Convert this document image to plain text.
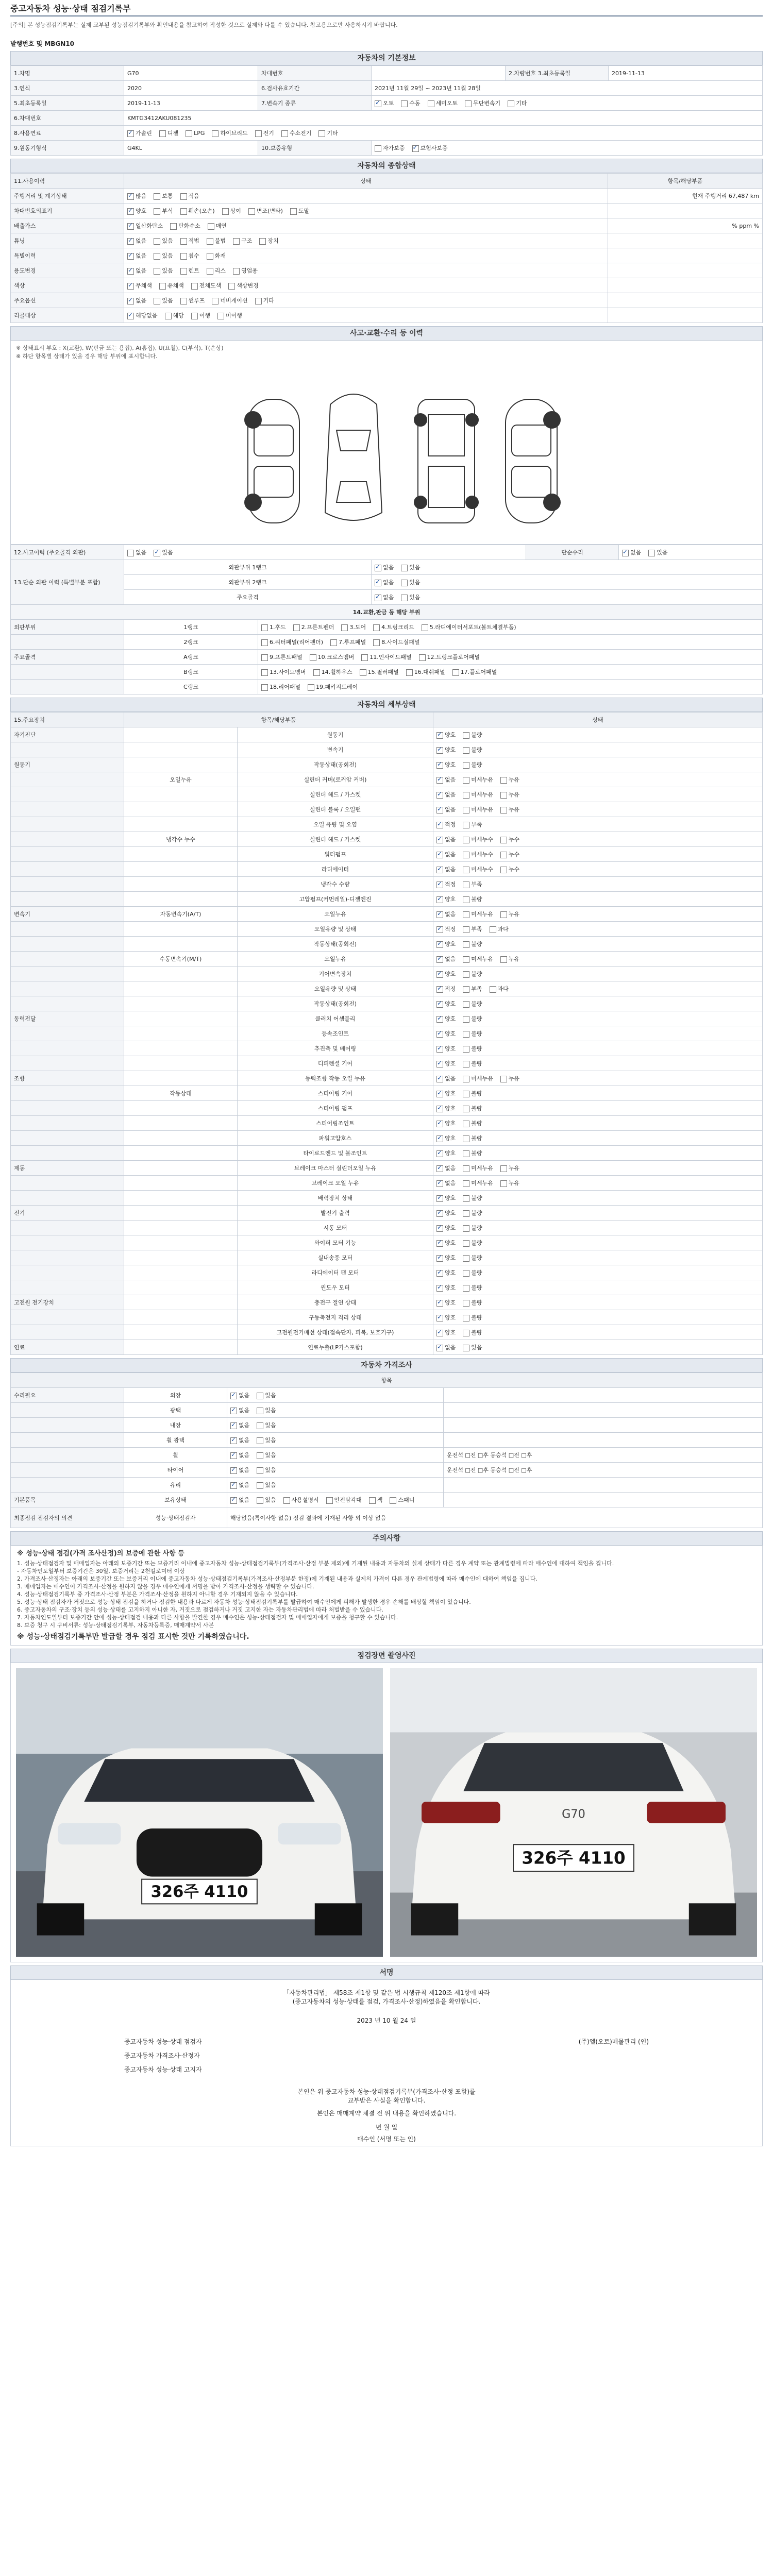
중고자동차 성능·상태 점검기록부
[주의] 본 성능점검기록부는 실제 교부된 성능점검기록부와 확인내용을 참고하여 작성한 것으로 실제와 다를 수 있습니다. 참고용으로만 사용하시기 바랍니다.
발행번호 및 MBGN10
자동차의 기본정보
1.차명	G70	차대번호		2.차량번호 3.최초등록일	2019-11-13
3.연식	2020	6.검사유효기간	2021년 11월 29일 ~ 2023년 11월 28일		
5.최초등록일	2019-11-13	7.변속기 종류	✓오토 수동 세미오토 무단변속기 기타
6.차대번호	KMTG3412AKU081235				
8.사용연료	✓가솔린 디젤 LPG 하이브리드 전기 수소전기 기타
9.원동기형식	G4KL	10.보증유형	자가보증 ✓ 보험사보증
자동차의 종합상태
11.사용이력	상태	항목/해당부품
주행거리 및 계기상태	✓많음 보통 적음	현재 주행거리 67,487 km
차대번호의표기	✓양호 부식 훼손(오손) 상이 변조(변타) 도말	
배출가스	✓일산화탄소 탄화수소 매연	% ppm %
튜닝	✓없음 있음 적법 불법 구조 장치	
특별이력	✓없음 있음 침수 화재	
용도변경	✓없음 있음 렌트 리스 영업용	
색상	✓무채색 유채색 전체도색 색상변경	
주요옵션	✓없음 있음 썬루프 네비게이션 기타	
리콜대상	✓해당없음 해당 이행 미이행	
사고·교환·수리 등 이력
※ 상태표시 부호 : X(교환), W(판금 또는 용접), A(흠집), U(요철), C(부식), T(손상)
※ 하단 항목별 상태가 있을 경우 해당 부위에 표시합니다.
12.사고이력 (주요골격 외판)	없음 ✓ 있음			단순수리	✓없음 있음
13.단순 외판 이력 (특별부분 포함)	외판부위 1랭크	✓없음 있음
	외판부위 2랭크	✓없음 있음
	주요골격	✓없음 있음
14.교환,판금 등 해당 부위					
외판부위	1랭크	1.후드 2.프론트펜더 3.도어 4.트렁크리드 5.라디에이터서포트(볼트체결부품)			
	2랭크	6.쿼터패널(리어펜더) 7.루프패널 8.사이드실패널			
주요골격	A랭크	9.프론트패널 10.크로스멤버 11.인사이드패널 12.트렁크플로어패널			
	B랭크	13.사이드멤버 14.휠하우스 15.필러패널 16.대쉬패널 17.플로어패널			
	C랭크	18.리어패널 19.패키지트레이			
자동차의 세부상태
15.주요장치	항목/해당부품		상태
자기진단		원동기	✓양호 불량
		변속기	✓양호 불량
원동기		작동상태(공회전)	✓양호 불량
	오일누유	실린더 커버(로커암 커버)	✓없음 미세누유 누유
		실린더 헤드 / 가스켓	✓없음 미세누유 누유
		실린더 블록 / 오일팬	✓없음 미세누유 누유
		오일 유량 및 오염	✓적정 부족
	냉각수 누수	실린더 헤드 / 가스켓	✓없음 미세누수 누수
		워터펌프	✓없음 미세누수 누수
		라디에이터	✓없음 미세누수 누수
		냉각수 수량	✓적정 부족
		고압펌프(커먼레일)-디젤엔진	✓양호 불량
변속기	자동변속기(A/T)	오일누유	✓없음 미세누유 누유
		오일유량 및 상태	✓적정 부족 과다
		작동상태(공회전)	✓양호 불량
	수동변속기(M/T)	오일누유	✓없음 미세누유 누유
		기어변속장치	✓양호 불량
		오일유량 및 상태	✓적정 부족 과다
		작동상태(공회전)	✓양호 불량
동력전달		클러치 어셈블리	✓양호 불량
		등속조인트	✓양호 불량
		추진축 및 베어링	✓양호 불량
		디퍼렌셜 기어	✓양호 불량
조향		동력조향 작동 오일 누유	✓없음 미세누유 누유
	작동상태	스티어링 기어	✓양호 불량
		스티어링 펌프	✓양호 불량
		스티어링조인트	✓양호 불량
		파워고압호스	✓양호 불량
		타이로드엔드 및 볼조인트	✓양호 불량
제동		브레이크 마스터 실린더오일 누유	✓없음 미세누유 누유
		브레이크 오일 누유	✓없음 미세누유 누유
		배력장치 상태	✓양호 불량
전기		발전기 출력	✓양호 불량
		시동 모터	✓양호 불량
		와이퍼 모터 기능	✓양호 불량
		실내송풍 모터	✓양호 불량
		라디에이터 팬 모터	✓양호 불량
		윈도우 모터	✓양호 불량
고전원 전기장치		충전구 절연 상태	✓양호 불량
		구동축전지 격리 상태	✓양호 불량
		고전원전기배선 상태(접속단자, 피복, 보호기구)	✓양호 불량
연료		연료누출(LP가스포함)	✓없음 있음
자동차 가격조사
항목			
수리필요	외장	✓없음 있음	
	광택	✓없음 있음	
	내장	✓없음 있음	
	휠 광택	✓없음 있음	
	휠	✓없음 있음	운전석 □전 □후 동승석 □전 □후
	타이어	✓없음 있음	운전석 □전 □후 동승석 □전 □후
	유리	✓없음 있음	
기본품목	보유상태	✓없음 있음 사용설명서 안전삼각대 잭 스패너	
최종점검 점검자의 의견	성능·상태점검자	해당없음(특이사항 없음) 점검 결과에 기재된 사항 외 이상 없음	
주의사항
※ 성능·상태 점검(가격 조사산정)의 보증에 관한 사항 등
1. 성능·상태점검자 및 매매업자는 아래의 보증기간 또는 보증거리 이내에 중고자동차 성능·상태점검기록부(가격조사·산정 부분 제외)에 기재된 내용과 자동차의 실제 상태가 다른 경우 계약 또는 관계법령에 따라 매수인에 대하여 책임을 집니다.
- 자동차인도일부터 보증기간은 30일, 보증거리는 2천킬로미터 이상
2. 가격조사·산정자는 아래의 보증기간 또는 보증거리 이내에 중고자동차 성능·상태점검기록부(가격조사·산정부분 한정)에 기재된 내용과 실제의 가격이 다른 경우 관계법령에 따라 매수인에 대하여 책임을 집니다.
3. 매매업자는 매수인이 가격조사·산정을 원하지 않을 경우 매수인에게 서명을 받아 가격조사·산정을 생략할 수 있습니다.
4. 성능·상태점검기록부 중 가격조사·산정 부분은 가격조사·산정을 원하지 아니할 경우 기재되지 않을 수 있습니다.
5. 성능·상태 점검자가 거짓으로 성능·상태 점검을 하거나 점검한 내용과 다르게 자동차 성능·상태점검기록부를 발급하여 매수인에게 피해가 발생한 경우 손해를 배상할 책임이 있습니다.
6. 중고자동차의 구조·장치 등의 성능·상태를 고지하지 아니한 자, 거짓으로 점검하거나 거짓 고지한 자는 자동차관리법에 따라 처벌받을 수 있습니다.
7. 자동차인도일부터 보증기간 안에 성능·상태점검 내용과 다른 사항을 발견한 경우 매수인은 성능·상태점검자 및 매매업자에게 보증을 청구할 수 있습니다.
8. 보증 청구 시 구비서류: 성능·상태점검기록부, 자동차등록증, 매매계약서 사본
※ 성능·상태점검기록부만 발급할 경우 점검 표시한 것만 기록하였습니다.
점검장면 촬영사진
326주 4110
G70
326주 4110
서명
「자동차관리법」 제58조 제1항 및 같은 법 시행규칙 제120조 제1항에 따라
(중고자동차의 성능·상태를 점검, 가격조사·산정)하였음을 확인합니다.
2023 년 10 월 24 일
중고자동차 성능·상태 점검자
중고자동차 가격조사·산정자
중고자동차 성능·상태 고지자
(주)엘(오토)매물관리 (인)
본인은 위 중고자동차 성능·상태점검기록부(가격조사·산정 포함)를
교부받은 사실을 확인합니다.
본인은 매매계약 체결 전 위 내용을 확인하였습니다.
년 월 일
매수인 (서명 또는 인)
